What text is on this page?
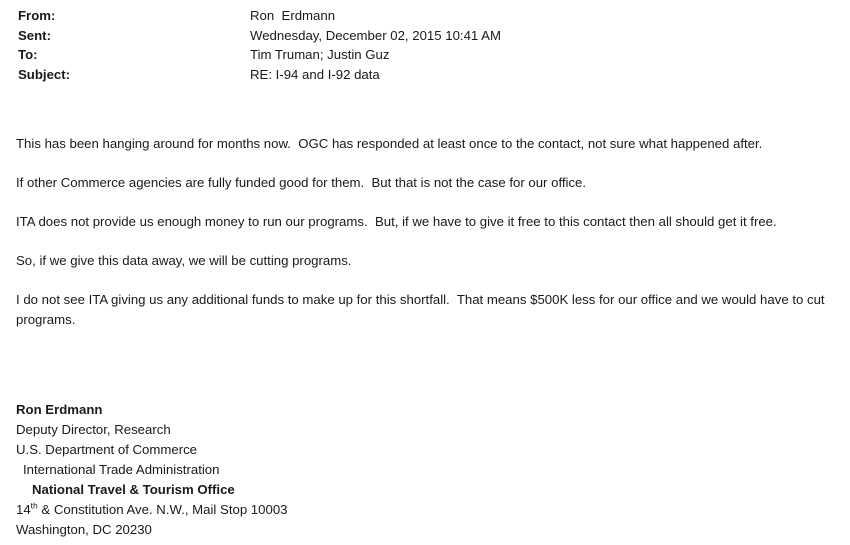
From:	Ron  Erdmann
Sent:	Wednesday, December 02, 2015 10:41 AM
To:	Tim Truman; Justin Guz
Subject:	RE: I-94 and I-92 data

This has been hanging around for months now.  OGC has responded at least once to the contact, not sure what happened after.

If other Commerce agencies are fully funded good for them.  But that is not the case for our office.

ITA does not provide us enough money to run our programs.  But, if we have to give it free to this contact then all should get it free.

So, if we give this data away, we will be cutting programs.

I do not see ITA giving us any additional funds to make up for this shortfall.  That means $500K less for our office and we would have to cut programs.

Ron Erdmann
Deputy Director, Research
U.S. Department of Commerce
International Trade Administration
National Travel & Tourism Office
14th & Constitution Ave. N.W., Mail Stop 10003
Washington, DC 20230
